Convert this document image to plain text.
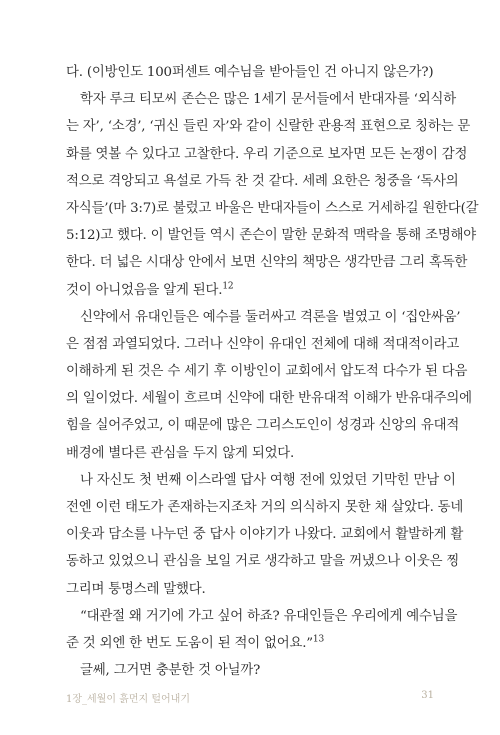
다. (이방인도 100퍼센트 예수님을 받아들인 건 아니지 않은가?)
학자 루크 티모씨 존슨은 많은 1세기 문서들에서 반대자를 ‘외식하
는 자’, ‘소경’, ‘귀신 들린 자’와 같이 신랄한 관용적 표현으로 칭하는 문
화를 엿볼 수 있다고 고찰한다. 우리 기준으로 보자면 모든 논쟁이 감정
적으로 격앙되고 욕설로 가득 찬 것 같다. 세례 요한은 청중을 ‘독사의
자식들’(마 3:7)로 불렀고 바울은 반대자들이 스스로 거세하길 원한다(갈
5:12)고 했다. 이 발언들 역시 존슨이 말한 문화적 맥락을 통해 조명해야
한다. 더 넓은 시대상 안에서 보면 신약의 책망은 생각만큼 그리 혹독한
것이 아니었음을 알게 된다.$^{12}$
신약에서 유대인들은 예수를 둘러싸고 격론을 벌였고 이 ‘집안싸움’
은 점점 과열되었다. 그러나 신약이 유대인 전체에 대해 적대적이라고
이해하게 된 것은 수 세기 후 이방인이 교회에서 압도적 다수가 된 다음
의 일이었다. 세월이 흐르며 신약에 대한 반유대적 이해가 반유대주의에
힘을 실어주었고, 이 때문에 많은 그리스도인이 성경과 신앙의 유대적
배경에 별다른 관심을 두지 않게 되었다.
나 자신도 첫 번째 이스라엘 답사 여행 전에 있었던 기막힌 만남 이
전엔 이런 태도가 존재하는지조차 거의 의식하지 못한 채 살았다. 동네
이웃과 담소를 나누던 중 답사 이야기가 나왔다. 교회에서 활발하게 활
동하고 있었으니 관심을 보일 거로 생각하고 말을 꺼냈으나 이웃은 찡
그리며 퉁명스레 말했다.
“대관절 왜 거기에 가고 싶어 하죠? 유대인들은 우리에게 예수님을
준 것 외엔 한 번도 도움이 된 적이 없어요.”$^{13}$
글쎄, 그거면 충분한 것 아닐까?
1장_세월이 흙먼지 털어내기	31
